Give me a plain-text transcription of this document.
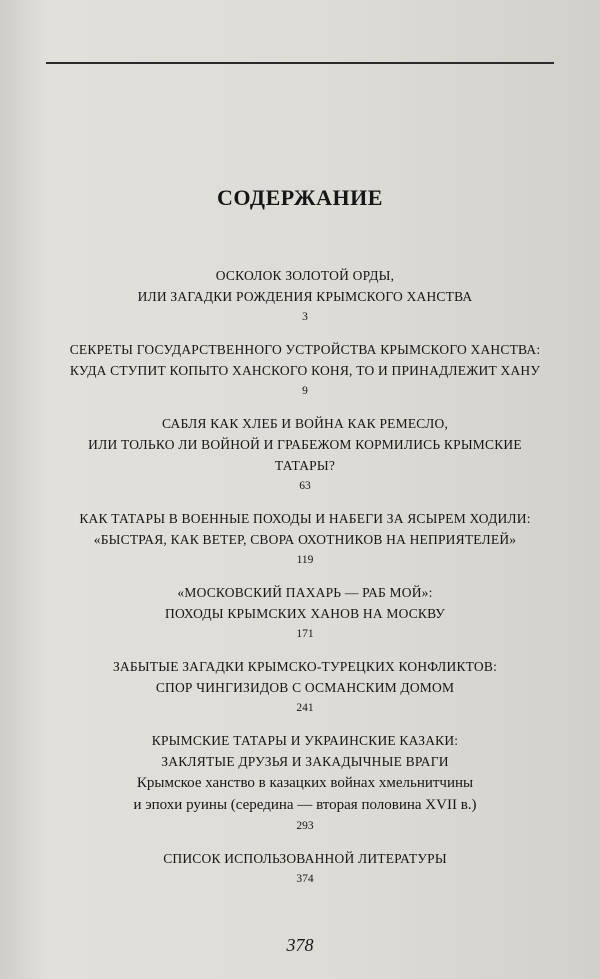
СОДЕРЖАНИЕ
ОСКОЛОК ЗОЛОТОЙ ОРДЫ,
ИЛИ ЗАГАДКИ РОЖДЕНИЯ КРЫМСКОГО ХАНСТВА
3
СЕКРЕТЫ ГОСУДАРСТВЕННОГО УСТРОЙСТВА КРЫМСКОГО ХАНСТВА:
КУДА СТУПИТ КОПЫТО ХАНСКОГО КОНЯ, ТО И ПРИНАДЛЕЖИТ ХАНУ
9
САБЛЯ КАК ХЛЕБ И ВОЙНА КАК РЕМЕСЛО,
ИЛИ ТОЛЬКО ЛИ ВОЙНОЙ И ГРАБЕЖОМ КОРМИЛИСЬ КРЫМСКИЕ ТАТАРЫ?
63
КАК ТАТАРЫ В ВОЕННЫЕ ПОХОДЫ И НАБЕГИ ЗА ЯСЫРЕМ ХОДИЛИ:
«БЫСТРАЯ, КАК ВЕТЕР, СВОРА ОХОТНИКОВ НА НЕПРИЯТЕЛЕЙ»
119
«МОСКОВСКИЙ ПАХАРЬ — РАБ МОЙ»:
ПОХОДЫ КРЫМСКИХ ХАНОВ НА МОСКВУ
171
ЗАБЫТЫЕ ЗАГАДКИ КРЫМСКО-ТУРЕЦКИХ КОНФЛИКТОВ:
СПОР ЧИНГИЗИДОВ С ОСМАНСКИМ ДОМОМ
241
КРЫМСКИЕ ТАТАРЫ И УКРАИНСКИЕ КАЗАКИ:
ЗАКЛЯТЫЕ ДРУЗЬЯ И ЗАКАДЫЧНЫЕ ВРАГИ
Крымское ханство в казацких войнах хмельнитчины
и эпохи руины (середина — вторая половина XVII в.)
293
СПИСОК ИСПОЛЬЗОВАННОЙ ЛИТЕРАТУРЫ
374
378
